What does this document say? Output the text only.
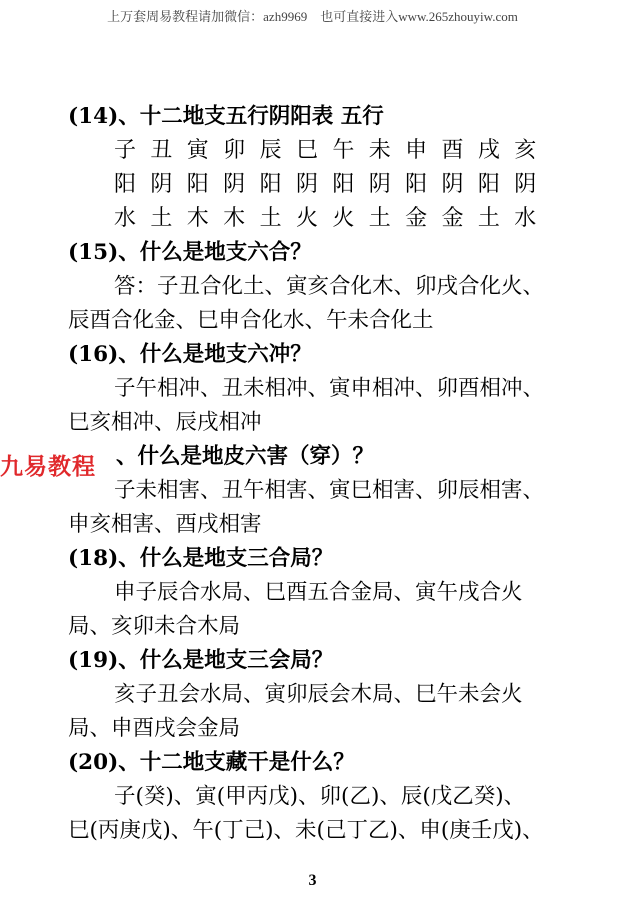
上万套周易教程请加微信：azh9969　也可直接进入www.265zhouyiw.com
(14)、十二地支五行阴阳表 五行
子 丑 寅 卯 辰 巳 午 未 申 酉 戌 亥
阳 阴 阳 阴 阳 阴 阳 阴 阳 阴 阳 阴
水 土 木 木 土 火 火 土 金 金 土 水
(15)、什么是地支六合？
答：子丑合化土、寅亥合化木、卯戌合化火、
辰酉合化金、巳申合化水、午未合化土
(16)、什么是地支六冲？
子午相冲、丑未相冲、寅申相冲、卯酉相冲、
巳亥相冲、辰戌相冲
、什么是地皮六害（穿）？
子未相害、丑午相害、寅巳相害、卯辰相害、
申亥相害、酉戌相害
(18)、什么是地支三合局？
申子辰合水局、巳酉五合金局、寅午戌合火
局、亥卯未合木局
(19)、什么是地支三会局？
亥子丑会水局、寅卯辰会木局、巳午未会火
局、申酉戌会金局
(20)、十二地支藏干是什么？
子(癸)、寅(甲丙戊)、卯(乙)、辰(戊乙癸)、
巳(丙庚戊)、午(丁己)、未(己丁乙)、申(庚壬戊)、
九易教程
3
